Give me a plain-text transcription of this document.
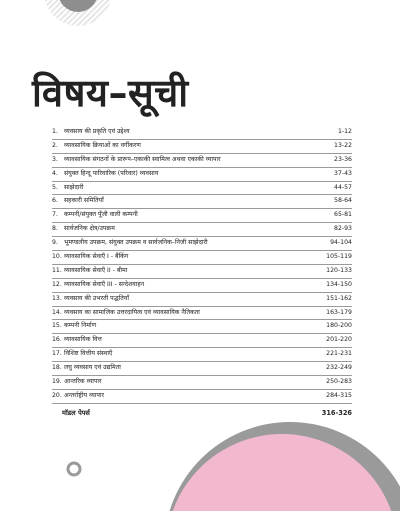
विषय–सूची
1. व्यवसाय की प्रकृति एवं उद्देश्य	1-12
2. व्यावसायिक क्रियाओं का वर्गीकरण	13-22
3. व्यावसायिक संगठनों के प्रारूप–एकाकी स्वामित्व अथवा एकाकी व्यापार	23-36
4. संयुक्त हिन्दू पारिवारिक (परिवार) व्यवसाय	37-43
5. साझेदारी	44-57
6. सहकारी समितियाँ	58-64
7. कम्पनी/संयुक्त पूँजी वाली कम्पनी	65-81
8. सार्वजनिक क्षेत्र/उपक्रम	82-93
9. भूमण्डलीय उपक्रम, संयुक्त उपक्रम व सार्वजनिक–निजी साझेदारी	94-104
10. व्यावसायिक सेवाएँ I - बैंकिंग	105-119
11. व्यावसायिक सेवाएँ II - बीमा	120-133
12. व्यावसायिक सेवाएँ III - सन्देशवाहन	134-150
13. व्यवसाय की उभरती पद्धतियाँ	151-162
14. व्यवसाय का सामाजिक उत्तरदायित्व एवं व्यावसायिक नैतिकता	163-179
15. कम्पनी निर्माण	180-200
16. व्यावसायिक वित्त	201-220
17. विशिष्ट वित्तीय संस्थाएँ	221-231
18. लघु व्यवसाय एवं उद्यमिता	232-249
19. आन्तरिक व्यापार	250-283
20. अन्तर्राष्ट्रीय व्यापार	284-315
मॉडल पेपर्स	316-326
